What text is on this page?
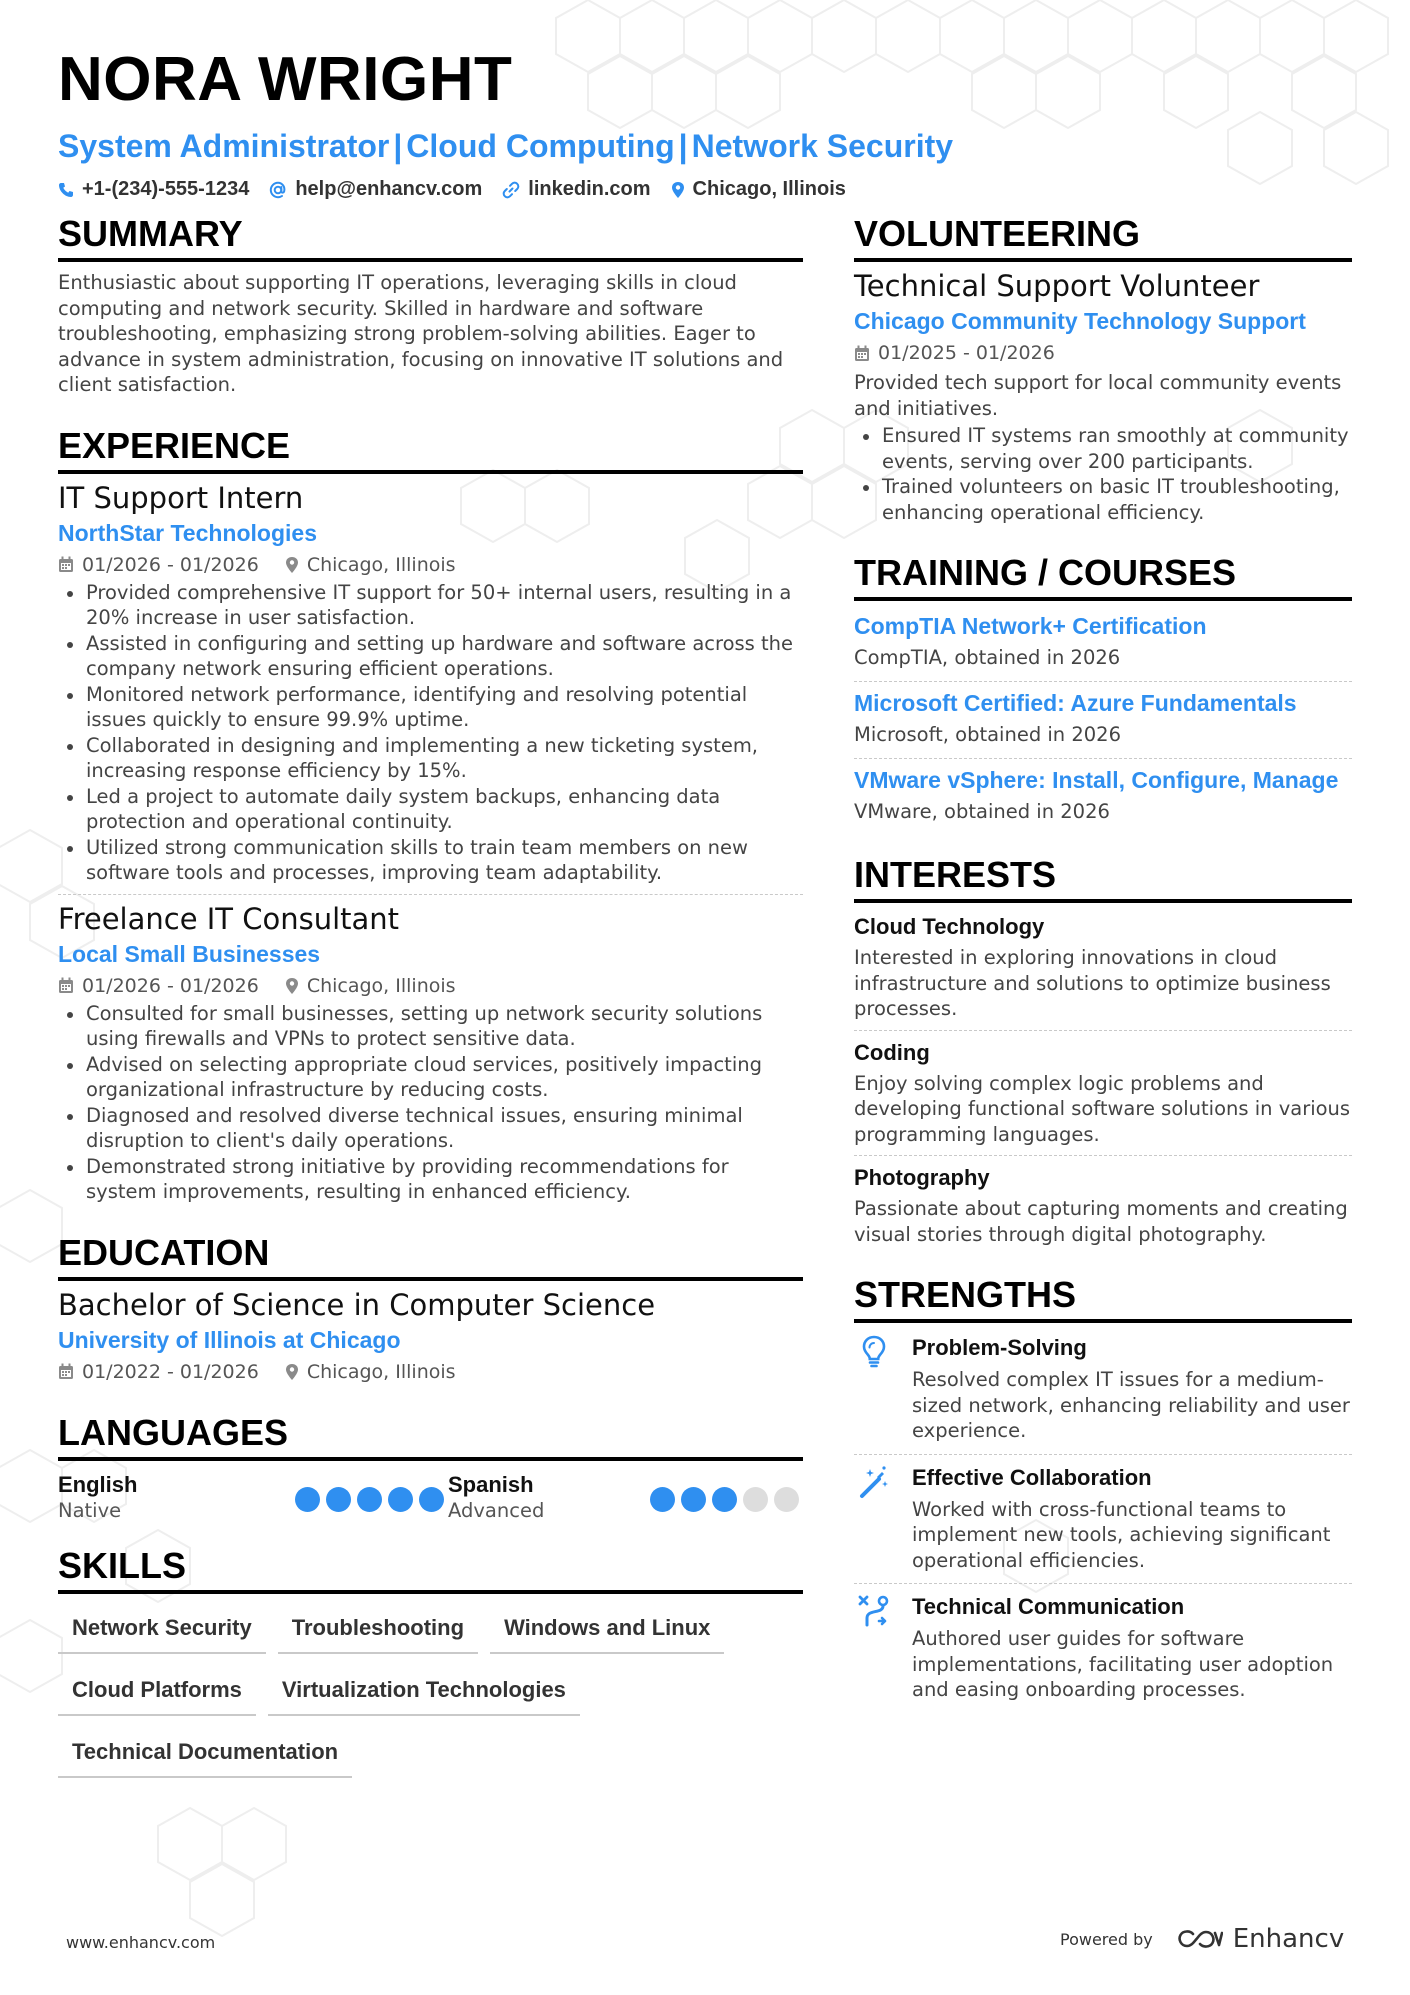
NORA WRIGHT
System Administrator | Cloud Computing | Network Security
+1-(234)-555-1234 help@enhancv.com linkedin.com Chicago, Illinois
SUMMARY
Enthusiastic about supporting IT operations, leveraging skills in cloud computing and network security. Skilled in hardware and software troubleshooting, emphasizing strong problem-solving abilities. Eager to advance in system administration, focusing on innovative IT solutions and client satisfaction.
EXPERIENCE
IT Support Intern
NorthStar Technologies
01/2026 - 01/2026	Chicago, Illinois
Provided comprehensive IT support for 50+ internal users, resulting in a 20% increase in user satisfaction.
Assisted in configuring and setting up hardware and software across the company network ensuring efficient operations.
Monitored network performance, identifying and resolving potential issues quickly to ensure 99.9% uptime.
Collaborated in designing and implementing a new ticketing system, increasing response efficiency by 15%.
Led a project to automate daily system backups, enhancing data protection and operational continuity.
Utilized strong communication skills to train team members on new software tools and processes, improving team adaptability.
Freelance IT Consultant
Local Small Businesses
01/2026 - 01/2026	Chicago, Illinois
Consulted for small businesses, setting up network security solutions using firewalls and VPNs to protect sensitive data.
Advised on selecting appropriate cloud services, positively impacting organizational infrastructure by reducing costs.
Diagnosed and resolved diverse technical issues, ensuring minimal disruption to client's daily operations.
Demonstrated strong initiative by providing recommendations for system improvements, resulting in enhanced efficiency.
EDUCATION
Bachelor of Science in Computer Science
University of Illinois at Chicago
01/2022 - 01/2026	Chicago, Illinois
LANGUAGES
English
Native
Spanish
Advanced
SKILLS
Network Security	Troubleshooting	Windows and Linux
Cloud Platforms	Virtualization Technologies
Technical Documentation
VOLUNTEERING
Technical Support Volunteer
Chicago Community Technology Support
01/2025 - 01/2026
Provided tech support for local community events and initiatives.
Ensured IT systems ran smoothly at community events, serving over 200 participants.
Trained volunteers on basic IT troubleshooting, enhancing operational efficiency.
TRAINING / COURSES
CompTIA Network+ Certification
CompTIA, obtained in 2026
Microsoft Certified: Azure Fundamentals
Microsoft, obtained in 2026
VMware vSphere: Install, Configure, Manage
VMware, obtained in 2026
INTERESTS
Cloud Technology
Interested in exploring innovations in cloud infrastructure and solutions to optimize business processes.
Coding
Enjoy solving complex logic problems and developing functional software solutions in various programming languages.
Photography
Passionate about capturing moments and creating visual stories through digital photography.
STRENGTHS
Problem-Solving
Resolved complex IT issues for a medium-sized network, enhancing reliability and user experience.
Effective Collaboration
Worked with cross-functional teams to implement new tools, achieving significant operational efficiencies.
Technical Communication
Authored user guides for software implementations, facilitating user adoption and easing onboarding processes.
www.enhancv.com	Powered by	Enhancv
